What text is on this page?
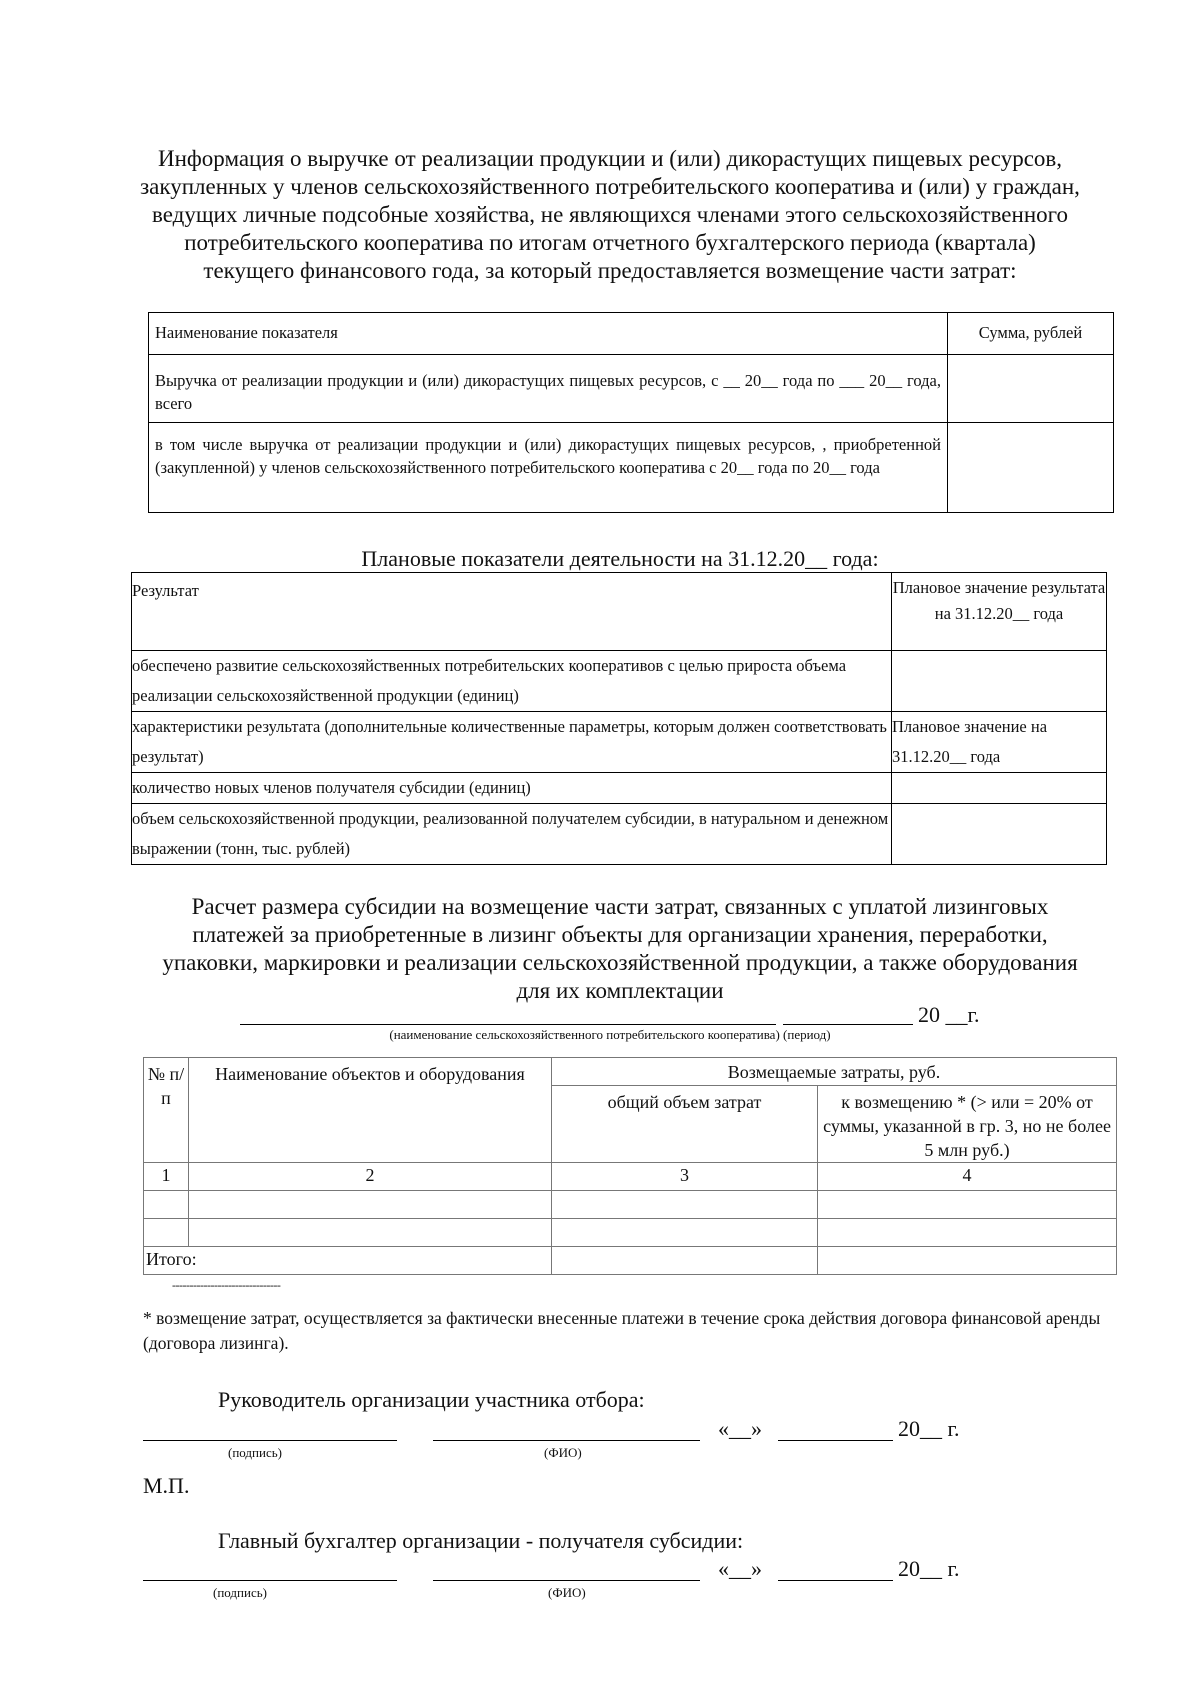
Информация о выручке от реализации продукции и (или) дикорастущих пищевых ресурсов, закупленных у членов сельскохозяйственного потребительского кооператива и (или) у граждан, ведущих личные подсобные хозяйства, не являющихся членами этого сельскохозяйственного потребительского кооператива по итогам отчетного бухгалтерского периода (квартала) текущего финансового года, за который предоставляется возмещение части затрат:

Наименование показателя	Сумма, рублей
Выручка от реализации продукции и (или) дикорастущих пищевых ресурсов, с __ 20__ года по ___ 20__ года, всего	
в том числе выручка от реализации продукции и (или) дикорастущих пищевых ресурсов, , приобретенной (закупленной) у членов сельскохозяйственного потребительского кооператива с 20__ года по 20__ года	

Плановые показатели деятельности на 31.12.20__ года:

Результат	Плановое значение результата на 31.12.20__ года
обеспечено развитие сельскохозяйственных потребительских кооперативов с целью прироста объема реализации сельскохозяйственной продукции (единиц)	
характеристики результата (дополнительные количественные параметры, которым должен соответствовать результат)	Плановое значение на 31.12.20__ года
количество новых членов получателя субсидии (единиц)	
объем сельскохозяйственной продукции, реализованной получателем субсидии, в натуральном и денежном выражении (тонн, тыс. рублей)	

Расчет размера субсидии на возмещение части затрат, связанных с уплатой лизинговых платежей за приобретенные в лизинг объекты для организации хранения, переработки, упаковки, маркировки и реализации сельскохозяйственной продукции, а также оборудования для их комплектации

20 __г.
(наименование сельскохозяйственного потребительского кооператива) (период)
№ п/п	Наименование объектов и оборудования	Возмещаемые затраты, руб.	
		общий объем затрат	к возмещению * (> или = 20% от суммы, указанной в гр. 3, но не более 5 млн руб.)
1	2	3	4

Итого:			
-------------------------------
* возмещение затрат, осуществляется за фактически внесенные платежи в течение срока действия договора финансовой аренды (договора лизинга).
Руководитель организации участника отбора:
«__»	20__ г.
(подпись)	(ФИО)
М.П.
Главный бухгалтер организации - получателя субсидии:
«__»	20__ г.
(подпись)	(ФИО)
